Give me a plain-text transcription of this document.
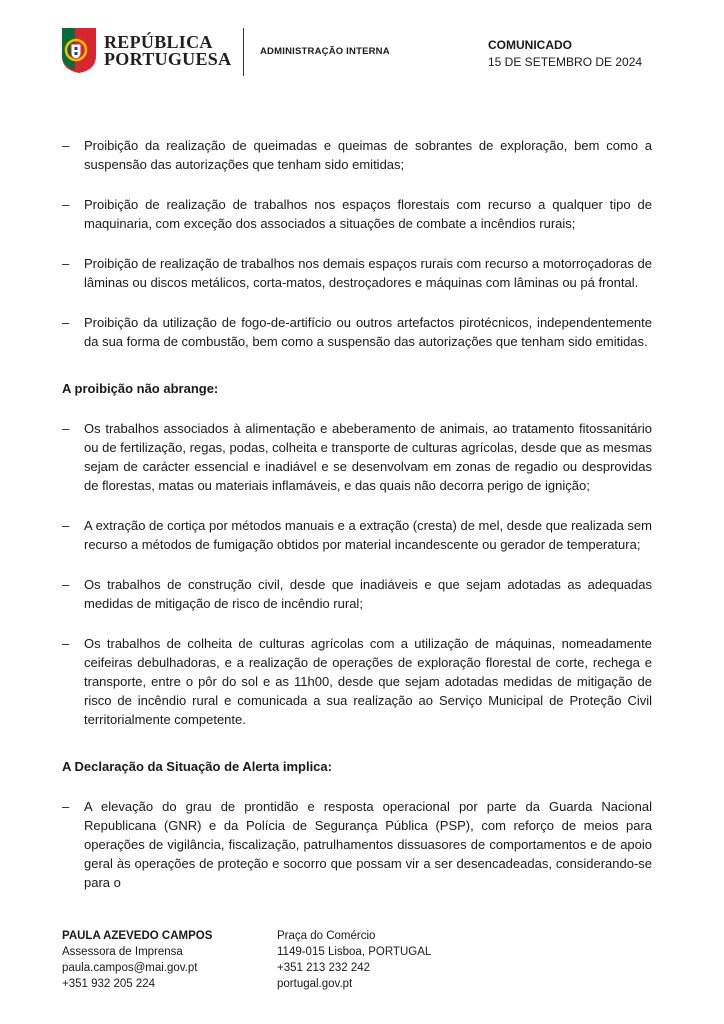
REPÚBLICA
PORTUGUESA	ADMINISTRAÇÃO INTERNA	COMUNICADO
15 DE SETEMBRO DE 2024
– Proibição da realização de queimadas e queimas de sobrantes de exploração, bem como a suspensão das autorizações que tenham sido emitidas;
– Proibição de realização de trabalhos nos espaços florestais com recurso a qualquer tipo de maquinaria, com exceção dos associados a situações de combate a incêndios rurais;
– Proibição de realização de trabalhos nos demais espaços rurais com recurso a motorroçadoras de lâminas ou discos metálicos, corta-matos, destroçadores e máquinas com lâminas ou pá frontal.
– Proibição da utilização de fogo-de-artifício ou outros artefactos pirotécnicos, independentemente da sua forma de combustão, bem como a suspensão das autorizações que tenham sido emitidas.
A proibição não abrange:
– Os trabalhos associados à alimentação e abeberamento de animais, ao tratamento fitossanitário ou de fertilização, regas, podas, colheita e transporte de culturas agrícolas, desde que as mesmas sejam de carácter essencial e inadiável e se desenvolvam em zonas de regadio ou desprovidas de florestas, matas ou materiais inflamáveis, e das quais não decorra perigo de ignição;
– A extração de cortiça por métodos manuais e a extração (cresta) de mel, desde que realizada sem recurso a métodos de fumigação obtidos por material incandescente ou gerador de temperatura;
– Os trabalhos de construção civil, desde que inadiáveis e que sejam adotadas as adequadas medidas de mitigação de risco de incêndio rural;
– Os trabalhos de colheita de culturas agrícolas com a utilização de máquinas, nomeadamente ceifeiras debulhadoras, e a realização de operações de exploração florestal de corte, rechega e transporte, entre o pôr do sol e as 11h00, desde que sejam adotadas medidas de mitigação de risco de incêndio rural e comunicada a sua realização ao Serviço Municipal de Proteção Civil territorialmente competente.
A Declaração da Situação de Alerta implica:
– A elevação do grau de prontidão e resposta operacional por parte da Guarda Nacional Republicana (GNR) e da Polícia de Segurança Pública (PSP), com reforço de meios para operações de vigilância, fiscalização, patrulhamentos dissuasores de comportamentos e de apoio geral às operações de proteção e socorro que possam vir a ser desencadeadas, considerando-se para o
PAULA AZEVEDO CAMPOS
Assessora de Imprensa
paula.campos@mai.gov.pt
+351 932 205 224
Praça do Comércio
1149-015 Lisboa, PORTUGAL
+351 213 232 242
portugal.gov.pt
